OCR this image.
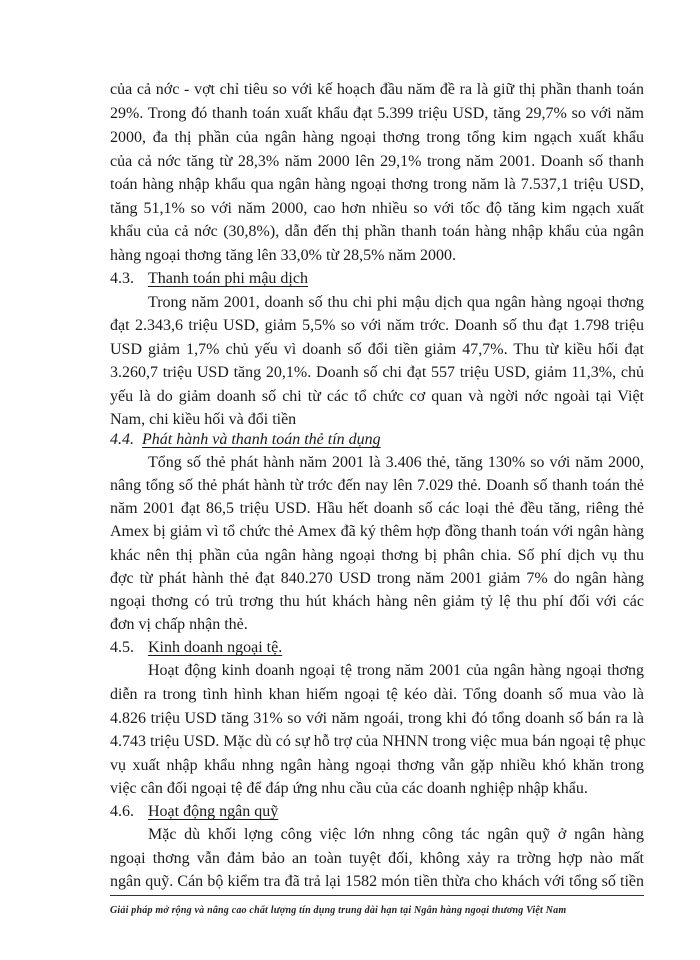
của cả nớc - vợt chỉ tiêu so với kế hoạch đầu năm đề ra là giữ thị phần thanh toán
29%. Trong đó thanh toán xuất khẩu đạt 5.399 triệu USD, tăng 29,7% so với năm
2000, đa thị phần của ngân hàng ngoại thơng trong tổng kim ngạch xuất khẩu
của cả nớc tăng từ 28,3% năm 2000 lên 29,1% trong năm 2001. Doanh số thanh
toán hàng nhập khẩu qua ngân hàng ngoại thơng trong năm là 7.537,1 triệu USD,
tăng 51,1% so với năm 2000, cao hơn nhiều so với tốc độ tăng kim ngạch xuất
khẩu của cả nớc (30,8%), dẫn đến thị phần thanh toán hàng nhập khẩu của ngân
hàng ngoại thơng tăng lên 33,0% từ 28,5% năm 2000.
4.3. Thanh toán phi mậu dịch
Trong năm 2001, doanh số thu chi phi mậu dịch qua ngân hàng ngoại thơng
đạt 2.343,6 triệu USD, giảm 5,5% so với năm trớc. Doanh số thu đạt 1.798 triệu
USD giảm 1,7% chủ yếu vì doanh số đổi tiền giảm 47,7%. Thu từ kiều hối đạt
3.260,7 triệu USD tăng 20,1%. Doanh số chi đạt 557 triệu USD, giảm 11,3%, chủ
yếu là do giảm doanh số chi từ các tổ chức cơ quan và ngời nớc ngoài tại Việt
Nam, chi kiều hối và đổi tiền
4.4. Phát hành và thanh toán thẻ tín dụng
Tổng số thẻ phát hành năm 2001 là 3.406 thẻ, tăng 130% so với năm 2000,
nâng tổng số thẻ phát hành từ trớc đến nay lên 7.029 thẻ. Doanh số thanh toán thẻ
năm 2001 đạt 86,5 triệu USD. Hầu hết doanh số các loại thẻ đều tăng, riêng thẻ
Amex bị giảm vì tổ chức thẻ Amex đã ký thêm hợp đồng thanh toán với ngân hàng
khác nên thị phần của ngân hàng ngoại thơng bị phân chia. Số phí dịch vụ thu
đợc từ phát hành thẻ đạt 840.270 USD trong năm 2001 giảm 7% do ngân hàng
ngoại thơng có trủ trơng thu hút khách hàng nên giảm tỷ lệ thu phí đối với các
đơn vị chấp nhận thẻ.
4.5. Kinh doanh ngoại tệ.
Hoạt động kinh doanh ngoại tệ trong năm 2001 của ngân hàng ngoại thơng
diễn ra trong tình hình khan hiếm ngoại tệ kéo dài. Tổng doanh số mua vào là
4.826 triệu USD tăng 31% so với năm ngoái, trong khi đó tổng doanh số bán ra là
4.743 triệu USD. Mặc dù có sự hỗ trợ của NHNN trong việc mua bán ngoại tệ phục
vụ xuất nhập khẩu nhng ngân hàng ngoại thơng vẫn gặp nhiều khó khăn trong
việc cân đối ngoại tệ để đáp ứng nhu cầu của các doanh nghiệp nhập khẩu.
4.6. Hoạt động ngân quỹ
Mặc dù khối lợng công việc lớn nhng công tác ngân quỹ ở ngân hàng
ngoại thơng vẫn đảm bảo an toàn tuyệt đối, không xảy ra trờng hợp nào mất
ngân quỹ. Cán bộ kiểm tra đã trả lại 1582 món tiền thừa cho khách với tổng số tiền
Giải pháp mở rộng và nâng cao chất lượng tín dụng trung dài hạn tại Ngân hàng ngoại thương Việt Nam
